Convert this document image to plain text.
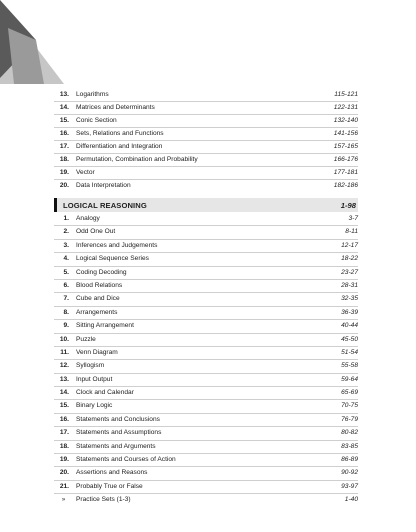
13.	Logarithms	115-121
14.	Matrices and Determinants	122-131
15.	Conic Section	132-140
16.	Sets, Relations and Functions	141-156
17.	Differentiation and Integration	157-165
18.	Permutation, Combination and Probability	166-176
19.	Vector	177-181
20.	Data Interpretation	182-186
LOGICAL REASONING	1-98
1.	Analogy	3-7
2.	Odd One Out	8-11
3.	Inferences and Judgements	12-17
4.	Logical Sequence Series	18-22
5.	Coding Decoding	23-27
6.	Blood Relations	28-31
7.	Cube and Dice	32-35
8.	Arrangements	36-39
9.	Sitting Arrangement	40-44
10.	Puzzle	45-50
11.	Venn Diagram	51-54
12.	Syllogism	55-58
13.	Input Output	59-64
14.	Clock and Calendar	65-69
15.	Binary Logic	70-75
16.	Statements and Conclusions	76-79
17.	Statements and Assumptions	80-82
18.	Statements and Arguments	83-85
19.	Statements and Courses of Action	86-89
20.	Assertions and Reasons	90-92
21.	Probably True or False	93-97
»	Practice Sets (1-3)	1-40
